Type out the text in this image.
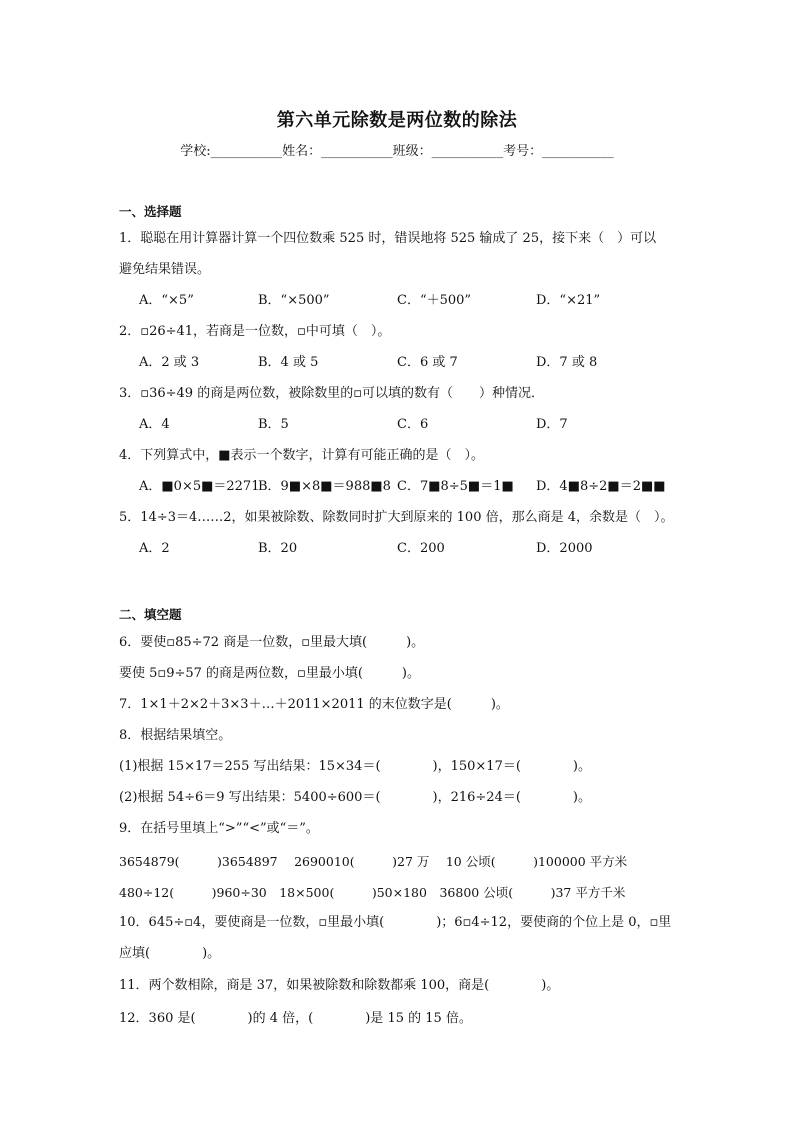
第六单元除数是两位数的除法
学校:___________姓名：___________班级：___________考号：___________
一、选择题
1．聪聪在用计算器计算一个四位数乘 525 时，错误地将 525 输成了 25，接下来（　）可以
避免结果错误。
A．“×5”	B．“×500”	C．“＋500”	D．“×21”
2．▫26÷41，若商是一位数，▫中可填（　）。
A．2 或 3	B．4 或 5	C．6 或 7	D．7 或 8
3．▫36÷49 的商是两位数，被除数里的▫可以填的数有（　　）种情况．
A．4	B．5	C．6	D．7
4．下列算式中，■表示一个数字，计算有可能正确的是（　）。
A．■0×5■＝2271
B．9■×8■＝988■8 C．7■8÷5■＝1■ D．4■8÷2■＝2■■
5．14÷3＝4……2，如果被除数、除数同时扩大到原来的 100 倍，那么商是 4，余数是（　）。
A．2	B．20	C．200	D．2000
二、填空题
6．要使▫85÷72 商是一位数，▫里最大填(　　　)。
要使 5▫9÷57 的商是两位数，▫里最小填(　　　)。
7．1×1＋2×2＋3×3＋…＋2011×2011 的末位数字是(　　　)。
8．根据结果填空。
(1)根据 15×17＝255 写出结果：15×34＝(　　　　)，150×17＝(　　　　)。
(2)根据 54÷6＝9 写出结果：5400÷600＝(　　　　)，216÷24＝(　　　　)。
9．在括号里填上“>”“<”或“＝”。
3654879(　　　)3654897　 2690010(　　　)27 万　 10 公顷(　　　)100000 平方米
480÷12(　　　)960÷30　18×500(　　　)50×180　36800 公顷(　　　)37 平方千米
10．645÷▫4，要使商是一位数，▫里最小填(　　　　)；6▫4÷12，要使商的个位上是 0，▫里
应填(　　　　)。
11．两个数相除，商是 37，如果被除数和除数都乘 100，商是(　　　　)。
12．360 是(　　　　)的 4 倍，(　　　　)是 15 的 15 倍。
